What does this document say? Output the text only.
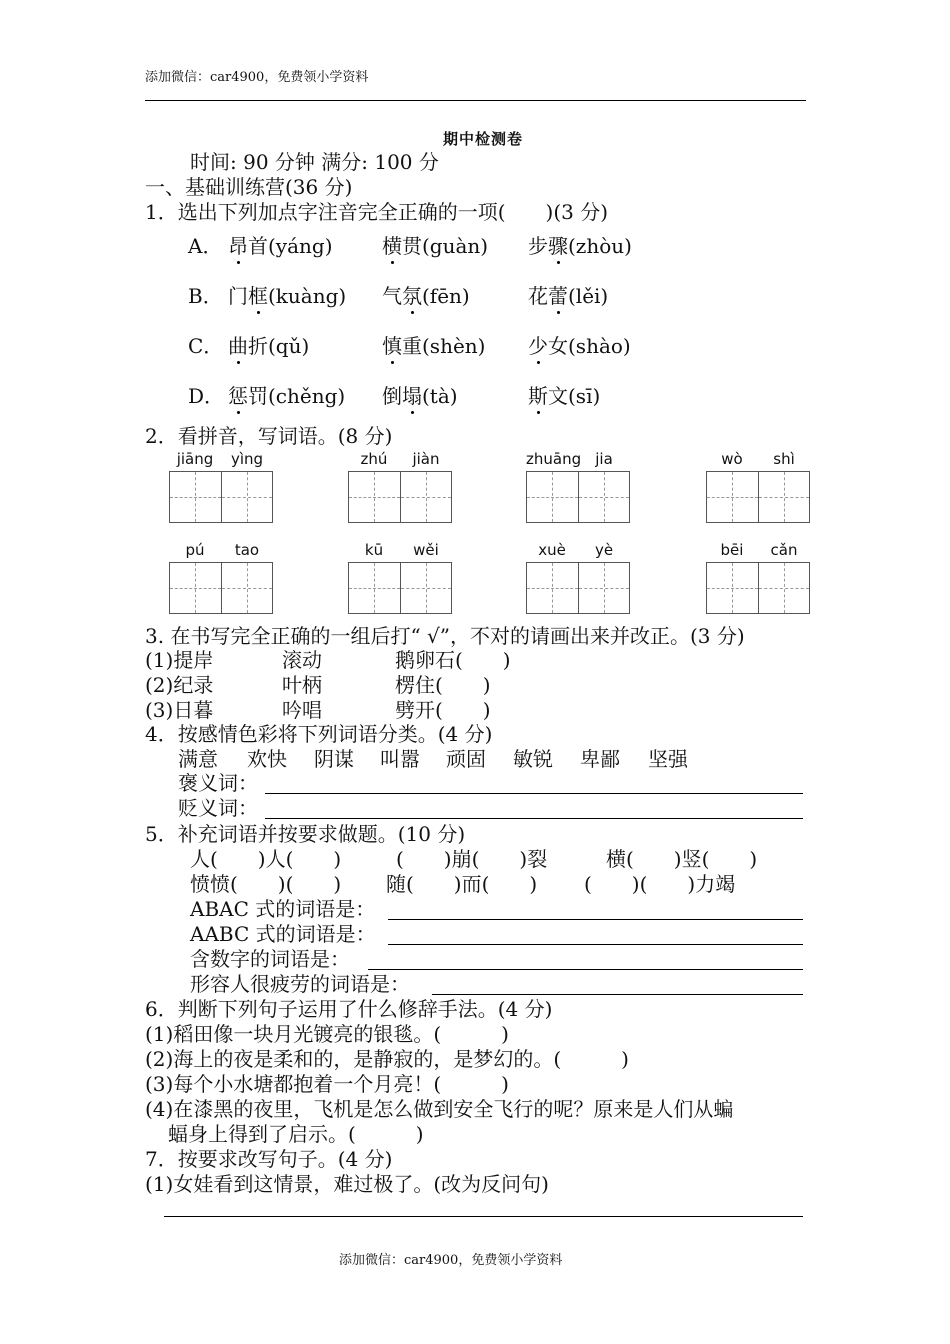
添加微信：car4900，免费领小学资料
期中检测卷
时间: 90 分钟 满分: 100 分
一、基础训练营(36 分)
1．选出下列加点字注音完全正确的一项(　　)(3 分)
A． 昂首(yáng) 横贯(guàn) 步骤(zhòu)
B． 门框(kuàng) 气氛(fēn)	花蕾(lěi)
C． 曲折(qǔ)	慎重(shèn) 少女(shào)
D． 惩罚(chěng) 倒塌(tà)	斯文(sī)
2．看拼音，写词语。(8 分)
jiāng	yìng	zhú	jiàn	zhuāng jia	wò	shì
pú	tao	kū	wěi	xuè	yè	bēi	cǎn
3. 在书写完全正确的一组后打“ √”，不对的请画出来并改正。(3 分)
(1)提岸	滚动	鹅卵石(　　)
(2)纪录	叶柄	楞住(　　)
(3)日暮	吟唱	劈开(　　)
4．按感情色彩将下列词语分类。(4 分)
满意 欢快 阴谋 叫嚣 顽固 敏锐 卑鄙 坚强
褒义词：
贬义词：
5．补充词语并按要求做题。(10 分)
人(　　)人(　　)	(　　)崩(　　)裂	横(　　)竖(　　)
愤愤(　　)(　　) 随(　　)而(　　) (　　)(　　)力竭
ABAC 式的词语是：
AABC 式的词语是：
含数字的词语是：
形容人很疲劳的词语是：
6．判断下列句子运用了什么修辞手法。(4 分)
(1)稻田像一块月光镀亮的银毯。(　　　)
(2)海上的夜是柔和的，是静寂的，是梦幻的。(　　　)
(3)每个小水塘都抱着一个月亮！(　　　)
(4)在漆黑的夜里，飞机是怎么做到安全飞行的呢？原来是人们从蝙
蝠身上得到了启示。(　　　)
7．按要求改写句子。(4 分)
(1)女娃看到这情景，难过极了。(改为反问句)
添加微信：car4900，免费领小学资料
